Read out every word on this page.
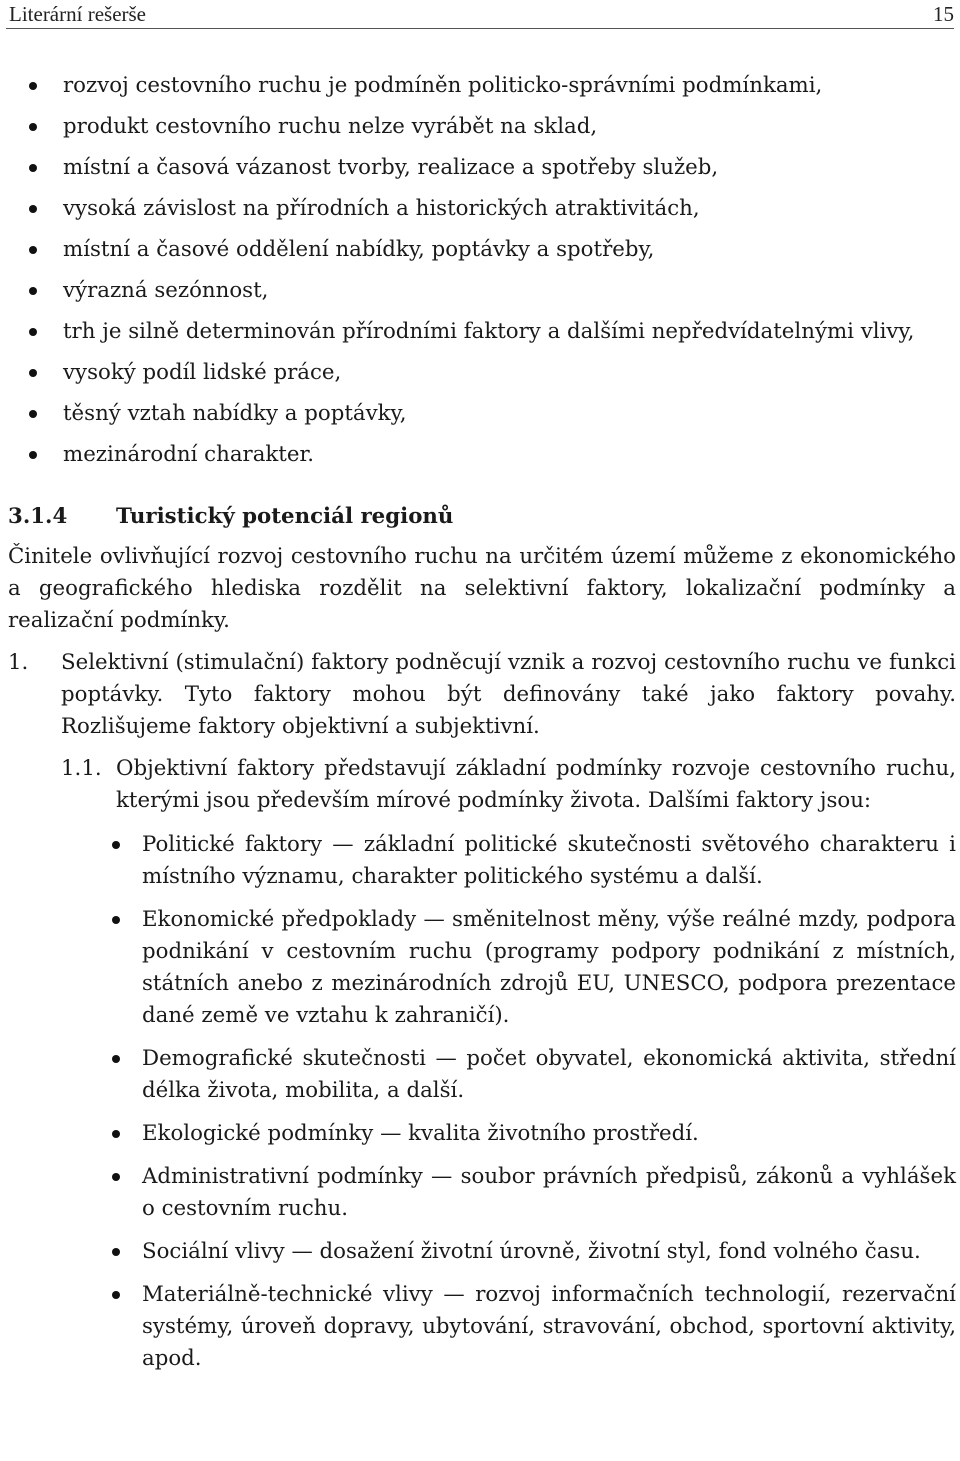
Literární rešerše	15
rozvoj cestovního ruchu je podmíněn politicko-správními podmínkami,
produkt cestovního ruchu nelze vyrábět na sklad,
místní a časová vázanost tvorby, realizace a spotřeby služeb,
vysoká závislost na přírodních a historických atraktivitách,
místní a časové oddělení nabídky, poptávky a spotřeby,
výrazná sezónnost,
trh je silně determinován přírodními faktory a dalšími nepředvídatelnými vlivy,
vysoký podíl lidské práce,
těsný vztah nabídky a poptávky,
mezinárodní charakter.
3.1.4 Turistický potenciál regionů

Činitele ovlivňující rozvoj cestovního ruchu na určitém území můžeme z ekonomického a geografického hlediska rozdělit na selektivní faktory, lokalizační podmínky a realizační podmínky.

1. Selektivní (stimulační) faktory podněcují vznik a rozvoj cestovního ruchu ve funkci poptávky. Tyto faktory mohou být definovány také jako faktory povahy. Rozlišujeme faktory objektivní a subjektivní.
1.1. Objektivní faktory představují základní podmínky rozvoje cestovního ruchu, kterými jsou především mírové podmínky života. Dalšími faktory jsou:
Politické faktory — základní politické skutečnosti světového charakteru i místního významu, charakter politického systému a další.
Ekonomické předpoklady — směnitelnost měny, výše reálné mzdy, podpora podnikání v cestovním ruchu (programy podpory podnikání z místních, státních anebo z mezinárodních zdrojů EU, UNESCO, podpora prezentace dané země ve vztahu k zahraničí).
Demografické skutečnosti — počet obyvatel, ekonomická aktivita, střední délka života, mobilita, a další.
Ekologické podmínky — kvalita životního prostředí.
Administrativní podmínky — soubor právních předpisů, zákonů a vyhlášek o cestovním ruchu.
Sociální vlivy — dosažení životní úrovně, životní styl, fond volného času.
Materiálně-technické vlivy — rozvoj informačních technologií, rezervační systémy, úroveň dopravy, ubytování, stravování, obchod, sportovní aktivity, apod.
